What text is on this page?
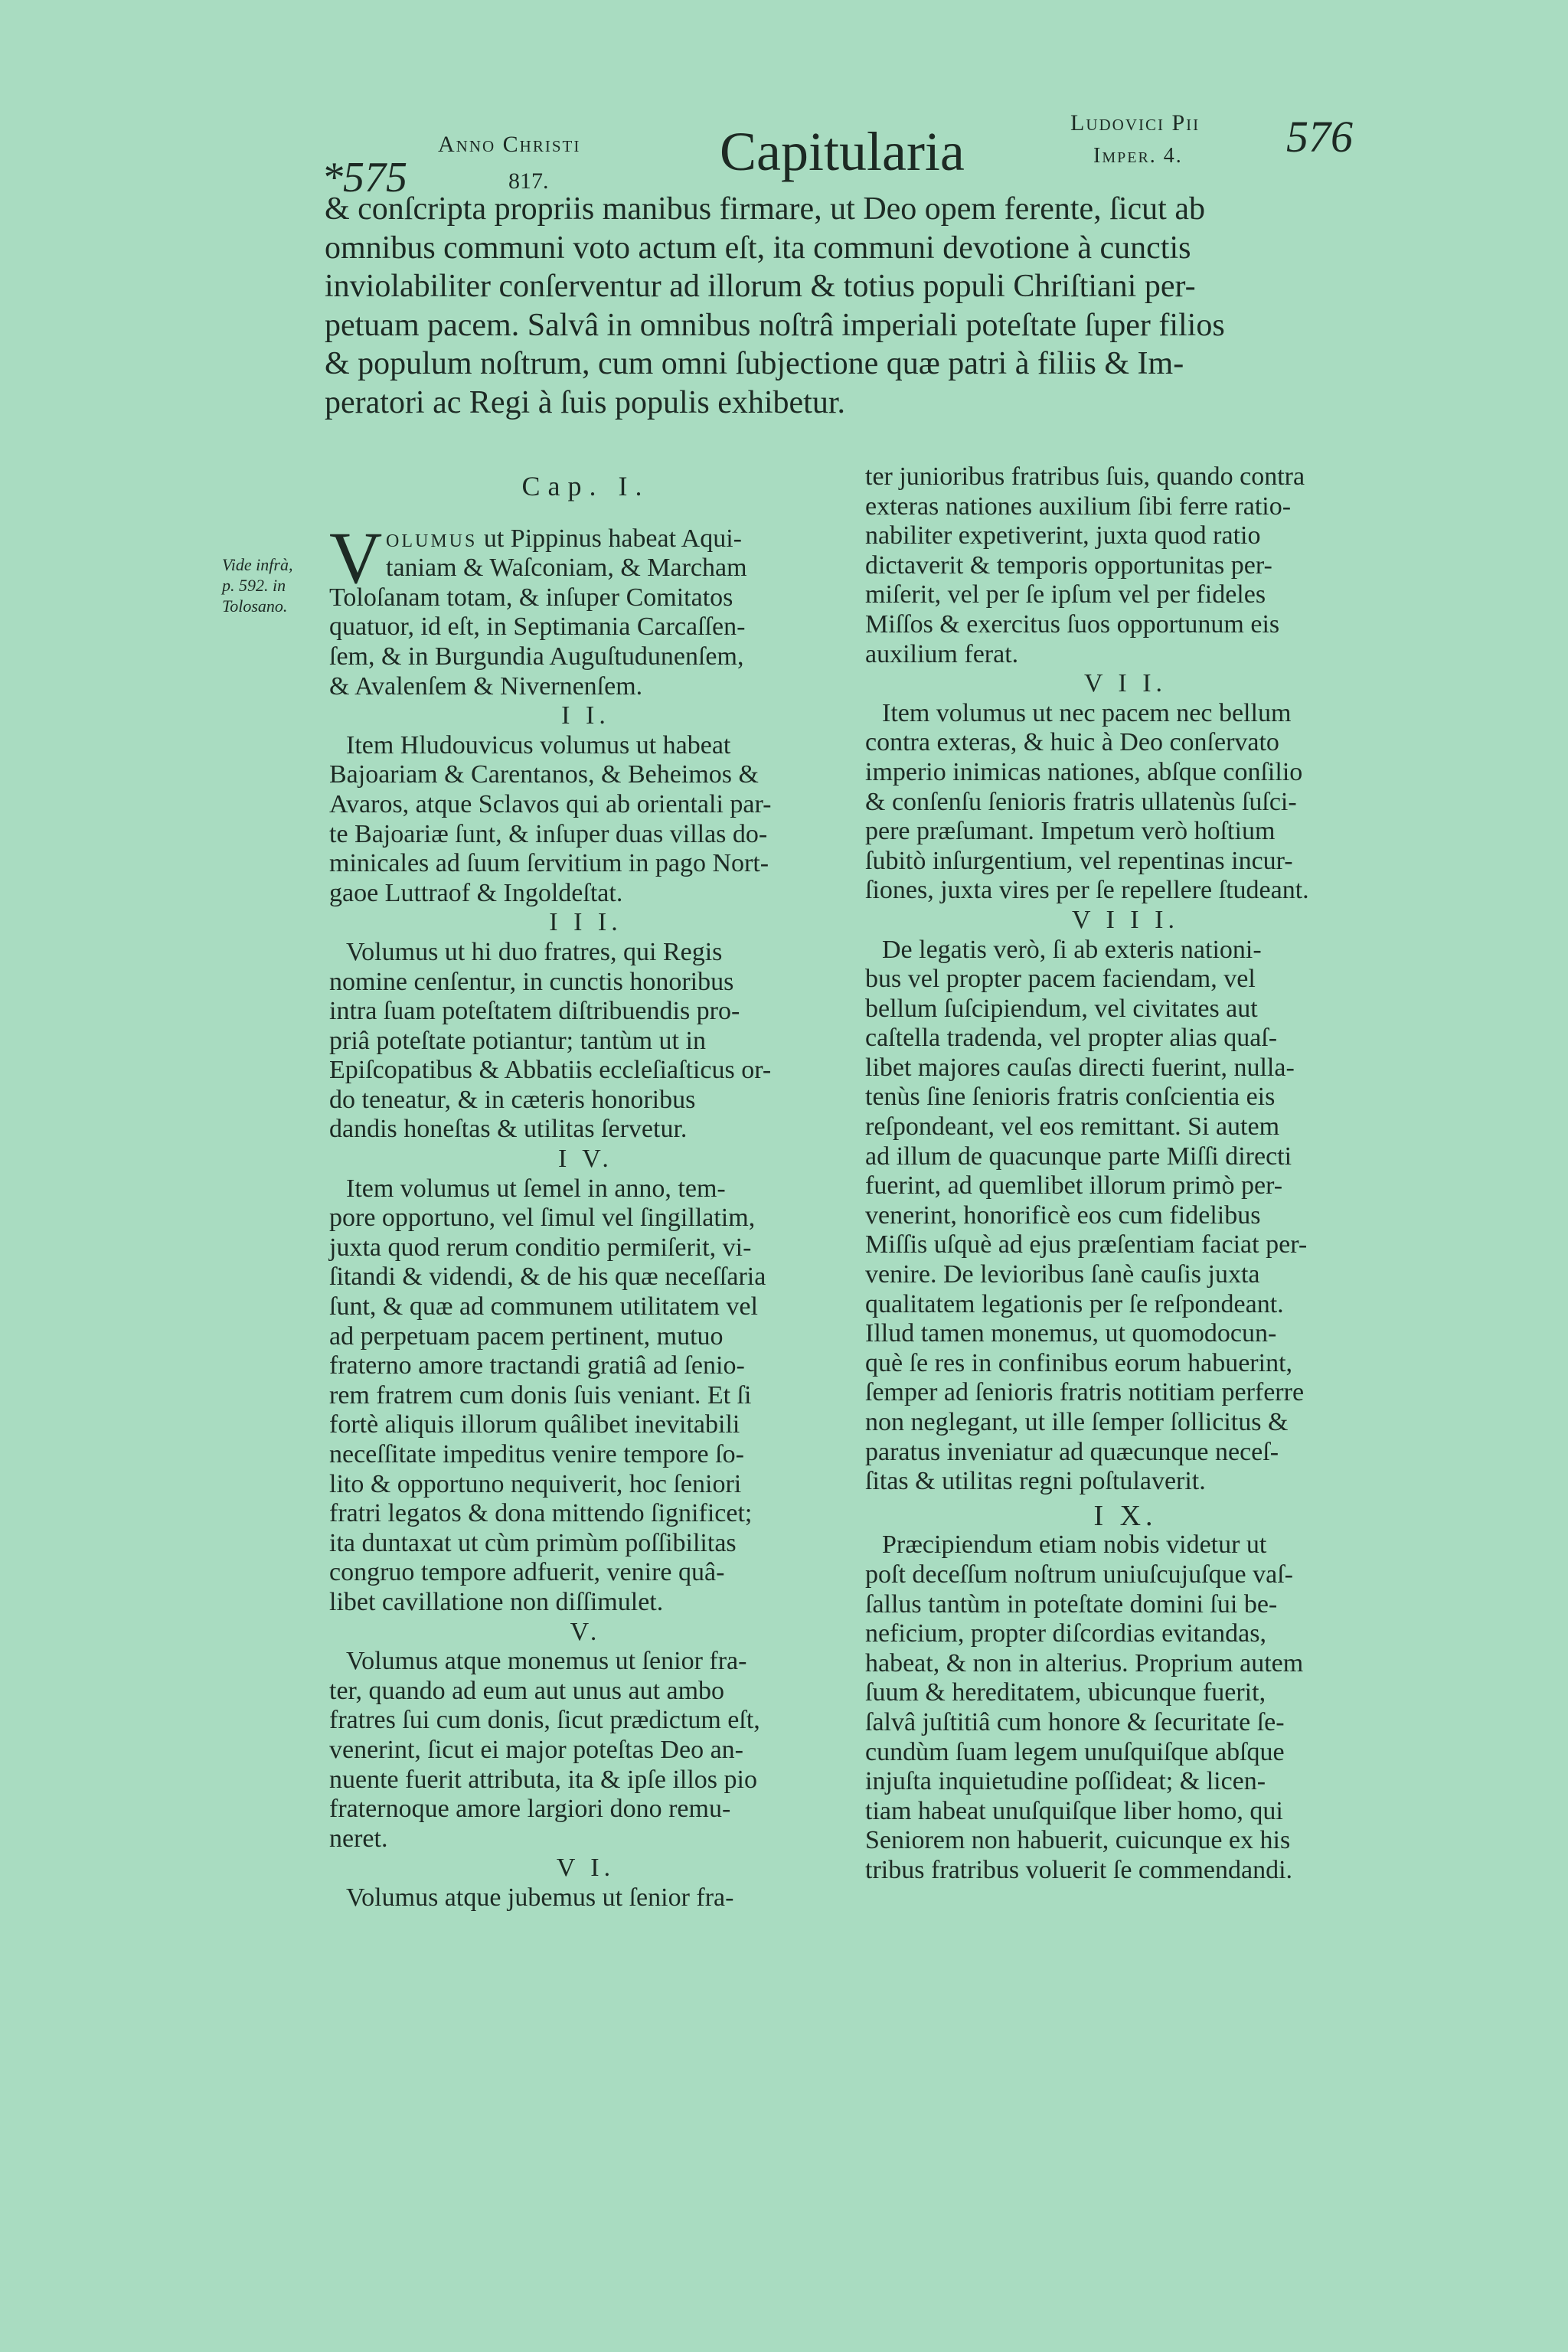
*575
Anno Christi
817.	Capitularia	Ludovici Pii
Imper. 4. 576
& conſcripta propriis manibus firmare, ut Deo opem ferente, ſicut ab
omnibus communi voto actum eſt, ita communi devotione à cunctis
inviolabiliter conſerventur ad illorum & totius populi Chriſtiani per-
petuam pacem. Salvâ in omnibus noſtrâ imperiali poteſtate ſuper filios
& populum noſtrum, cum omni ſubjectione quæ patri à filiis & Im-
peratori ac Regi à ſuis populis exhibetur.
Vide infrà,
p. 592. in
Tolosano.
Cap. I.
V olumus ut Pippinus habeat Aqui-
taniam & Waſconiam, & Marcham
Toloſanam totam, & inſuper Comitatos
quatuor, id eſt, in Septimania Carcaſſen-
ſem, & in Burgundia Auguſtudunenſem,
& Avalenſem & Nivernenſem.
I I.
Item Hludouvicus volumus ut habeat
Bajoariam & Carentanos, & Beheimos &
Avaros, atque Sclavos qui ab orientali par-
te Bajoariæ ſunt, & inſuper duas villas do-
minicales ad ſuum ſervitium in pago Nort-
gaoe Luttraof & Ingoldeſtat.
I I I.
Volumus ut hi duo fratres, qui Regis
nomine cenſentur, in cunctis honoribus
intra ſuam poteſtatem diſtribuendis pro-
priâ poteſtate potiantur; tantùm ut in
Epiſcopatibus & Abbatiis eccleſiaſticus or-
do teneatur, & in cæteris honoribus
dandis honeſtas & utilitas ſervetur.
I V.
Item volumus ut ſemel in anno, tem-
pore opportuno, vel ſimul vel ſingillatim,
juxta quod rerum conditio permiſerit, vi-
ſitandi & videndi, & de his quæ neceſſaria
ſunt, & quæ ad communem utilitatem vel
ad perpetuam pacem pertinent, mutuo
fraterno amore tractandi gratiâ ad ſenio-
rem fratrem cum donis ſuis veniant. Et ſi
fortè aliquis illorum quâlibet inevitabili
neceſſitate impeditus venire tempore ſo-
lito & opportuno nequiverit, hoc ſeniori
fratri legatos & dona mittendo ſignificet;
ita duntaxat ut cùm primùm poſſibilitas
congruo tempore adfuerit, venire quâ-
libet cavillatione non diſſimulet.
V.
Volumus atque monemus ut ſenior fra-
ter, quando ad eum aut unus aut ambo
fratres ſui cum donis, ſicut prædictum eſt,
venerint, ſicut ei major poteſtas Deo an-
nuente fuerit attributa, ita & ipſe illos pio
fraternoque amore largiori dono remu-
neret.
V I.
Volumus atque jubemus ut ſenior fra-
ter junioribus fratribus ſuis, quando contra
exteras nationes auxilium ſibi ferre ratio-
nabiliter expetiverint, juxta quod ratio
dictaverit & temporis opportunitas per-
miſerit, vel per ſe ipſum vel per fideles
Miſſos & exercitus ſuos opportunum eis
auxilium ferat.
V I I.
Item volumus ut nec pacem nec bellum
contra exteras, & huic à Deo conſervato
imperio inimicas nationes, abſque conſilio
& conſenſu ſenioris fratris ullatenùs ſuſci-
pere præſumant. Impetum verò hoſtium
ſubitò inſurgentium, vel repentinas incur-
ſiones, juxta vires per ſe repellere ſtudeant.
V I I I.
De legatis verò, ſi ab exteris nationi-
bus vel propter pacem faciendam, vel
bellum ſuſcipiendum, vel civitates aut
caſtella tradenda, vel propter alias quaſ-
libet majores cauſas directi fuerint, nulla-
tenùs ſine ſenioris fratris conſcientia eis
reſpondeant, vel eos remittant. Si autem
ad illum de quacunque parte Miſſi directi
fuerint, ad quemlibet illorum primò per-
venerint, honorificè eos cum fidelibus
Miſſis uſquè ad ejus præſentiam faciat per-
venire. De levioribus ſanè cauſis juxta
qualitatem legationis per ſe reſpondeant.
Illud tamen monemus, ut quomodocun-
què ſe res in confinibus eorum habuerint,
ſemper ad ſenioris fratris notitiam perferre
non neglegant, ut ille ſemper ſollicitus &
paratus inveniatur ad quæcunque neceſ-
ſitas & utilitas regni poſtulaverit.
I X.
Præcipiendum etiam nobis videtur ut
poſt deceſſum noſtrum uniuſcujuſque vaſ-
ſallus tantùm in poteſtate domini ſui be-
neficium, propter diſcordias evitandas,
habeat, & non in alterius. Proprium autem
ſuum & hereditatem, ubicunque fuerit,
ſalvâ juſtitiâ cum honore & ſecuritate ſe-
cundùm ſuam legem unuſquiſque abſque
injuſta inquietudine poſſideat; & licen-
tiam habeat unuſquiſque liber homo, qui
Seniorem non habuerit, cuicunque ex his
tribus fratribus voluerit ſe commendandi.
